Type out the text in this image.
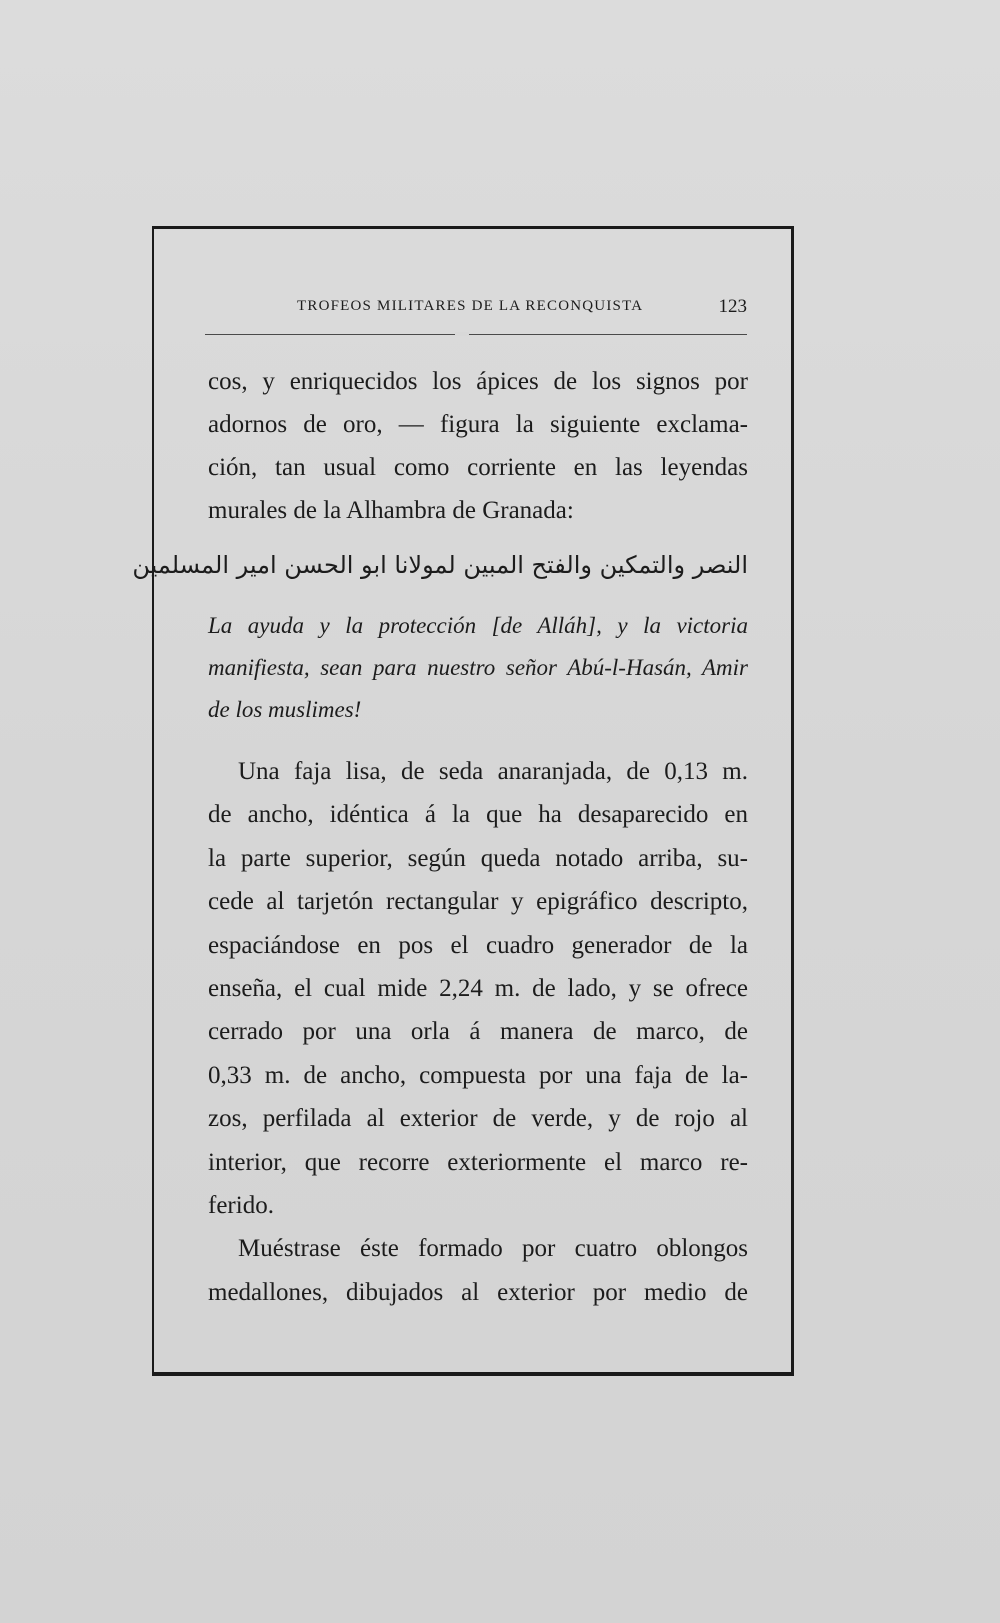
TROFEOS MILITARES DE LA RECONQUISTA	123
cos, y enriquecidos los ápices de los signos por
adornos de oro, — figura la siguiente exclama-
ción, tan usual como corriente en las leyendas
murales de la Alhambra de Granada:
النصر والتمكين والفتح المبين لمولانا ابو الحسن امير المسلمين
La ayuda y la protección [de Alláh], y la victoria
manifiesta, sean para nuestro señor Abú-l-Hasán, Amir
de los muslimes!
Una faja lisa, de seda anaranjada, de 0,13 m.
de ancho, idéntica á la que ha desaparecido en
la parte superior, según queda notado arriba, su-
cede al tarjetón rectangular y epigráfico descripto,
espaciándose en pos el cuadro generador de la
enseña, el cual mide 2,24 m. de lado, y se ofrece
cerrado por una orla á manera de marco, de
0,33 m. de ancho, compuesta por una faja de la-
zos, perfilada al exterior de verde, y de rojo al
interior, que recorre exteriormente el marco re-
ferido.
Muéstrase éste formado por cuatro oblongos
medallones, dibujados al exterior por medio de
